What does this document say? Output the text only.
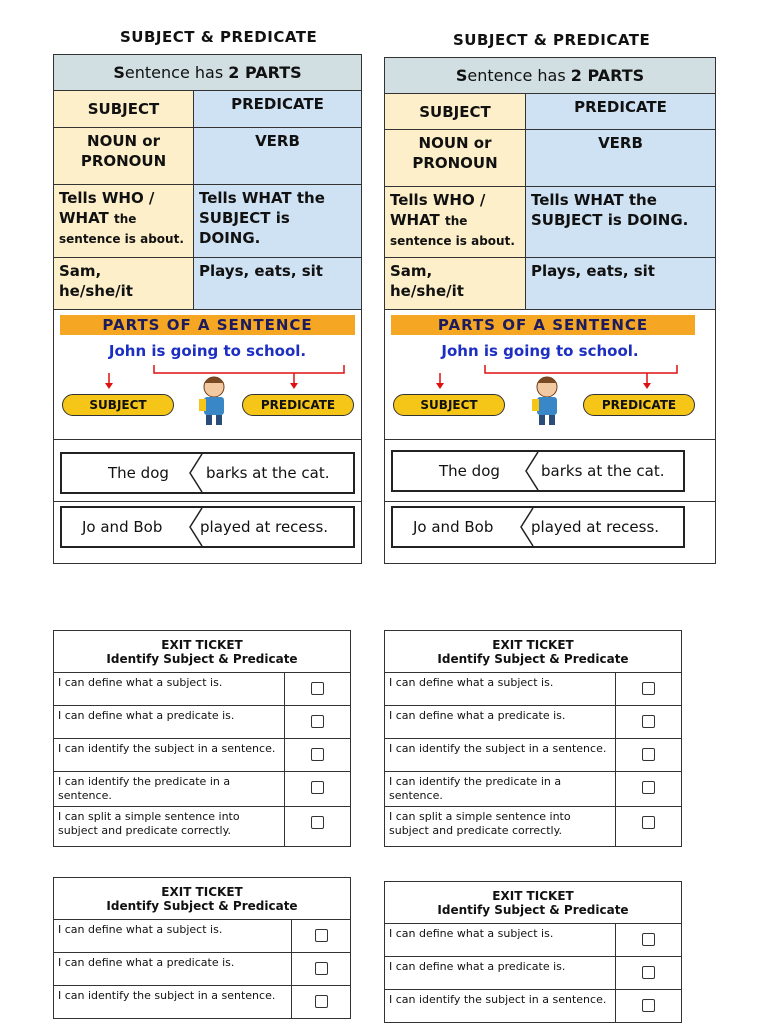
SUBJECT & PREDICATE
Sentence has 2 PARTS	
SUBJECT	PREDICATE

NOUN or
PRONOUN	VERB

Tells WHO /
WHAT the
sentence is about.	Tells WHAT the SUBJECT is DOING.

Sam,
he/she/it	Plays, eats, sit

PARTS OF A SENTENCE
John is going to school.
SUBJECT PREDICATE	

The dog barks at the cat.	

Jo and Bob played at recess.	
SUBJECT & PREDICATE
Sentence has 2 PARTS	
SUBJECT	PREDICATE

NOUN or
PRONOUN	VERB

Tells WHO /
WHAT the
sentence is about.	Tells WHAT the SUBJECT is DOING.

Sam,
he/she/it	Plays, eats, sit

PARTS OF A SENTENCE
John is going to school.
SUBJECT PREDICATE	

The dog barks at the cat.	

Jo and Bob played at recess.	
EXIT TICKET
Identify Subject & Predicate	

I can define what a subject is.	

I can define what a predicate is.	

I can identify the subject in a sentence.	

I can identify the predicate in a sentence.	

I can split a simple sentence into subject and predicate correctly.	
EXIT TICKET
Identify Subject & Predicate	

I can define what a subject is.	

I can define what a predicate is.	

I can identify the subject in a sentence.	

I can identify the predicate in a sentence.	

I can split a simple sentence into subject and predicate correctly.	
EXIT TICKET
Identify Subject & Predicate	

I can define what a subject is.	

I can define what a predicate is.	

I can identify the subject in a sentence.	
EXIT TICKET
Identify Subject & Predicate	

I can define what a subject is.	

I can define what a predicate is.	

I can identify the subject in a sentence.	
